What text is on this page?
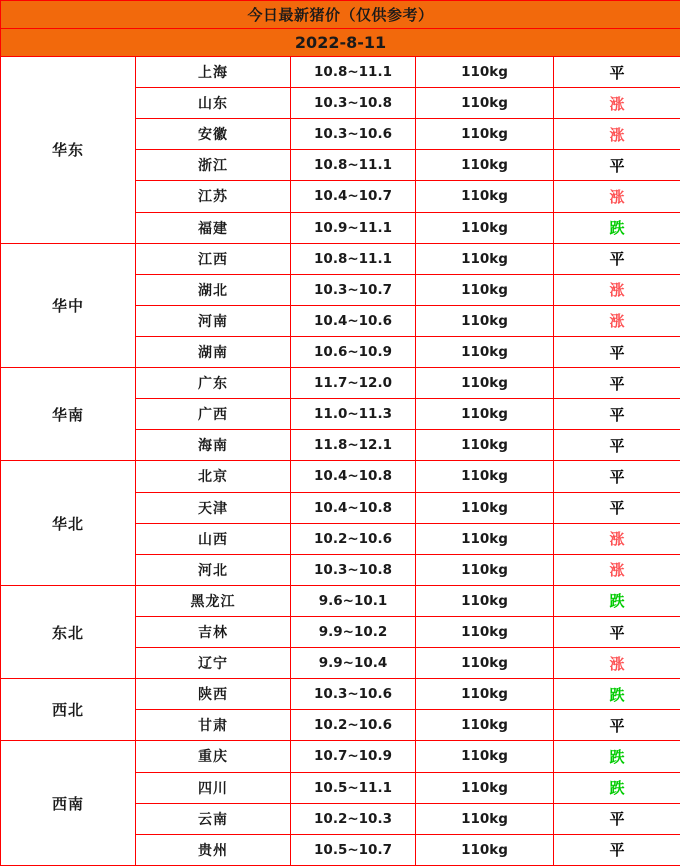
今日最新猪价（仅供参考）				
2022-8-11				
华东	上海	10.8~11.1	110kg	平
	山东	10.3~10.8	110kg	涨
	安徽	10.3~10.6	110kg	涨
	浙江	10.8~11.1	110kg	平
	江苏	10.4~10.7	110kg	涨
	福建	10.9~11.1	110kg	跌
华中	江西	10.8~11.1	110kg	平
	湖北	10.3~10.7	110kg	涨
	河南	10.4~10.6	110kg	涨
	湖南	10.6~10.9	110kg	平
华南	广东	11.7~12.0	110kg	平
	广西	11.0~11.3	110kg	平
	海南	11.8~12.1	110kg	平
华北	北京	10.4~10.8	110kg	平
	天津	10.4~10.8	110kg	平
	山西	10.2~10.6	110kg	涨
	河北	10.3~10.8	110kg	涨
东北	黑龙江	9.6~10.1	110kg	跌
	吉林	9.9~10.2	110kg	平
	辽宁	9.9~10.4	110kg	涨
西北	陕西	10.3~10.6	110kg	跌
	甘肃	10.2~10.6	110kg	平
西南	重庆	10.7~10.9	110kg	跌
	四川	10.5~11.1	110kg	跌
	云南	10.2~10.3	110kg	平
	贵州	10.5~10.7	110kg	平
